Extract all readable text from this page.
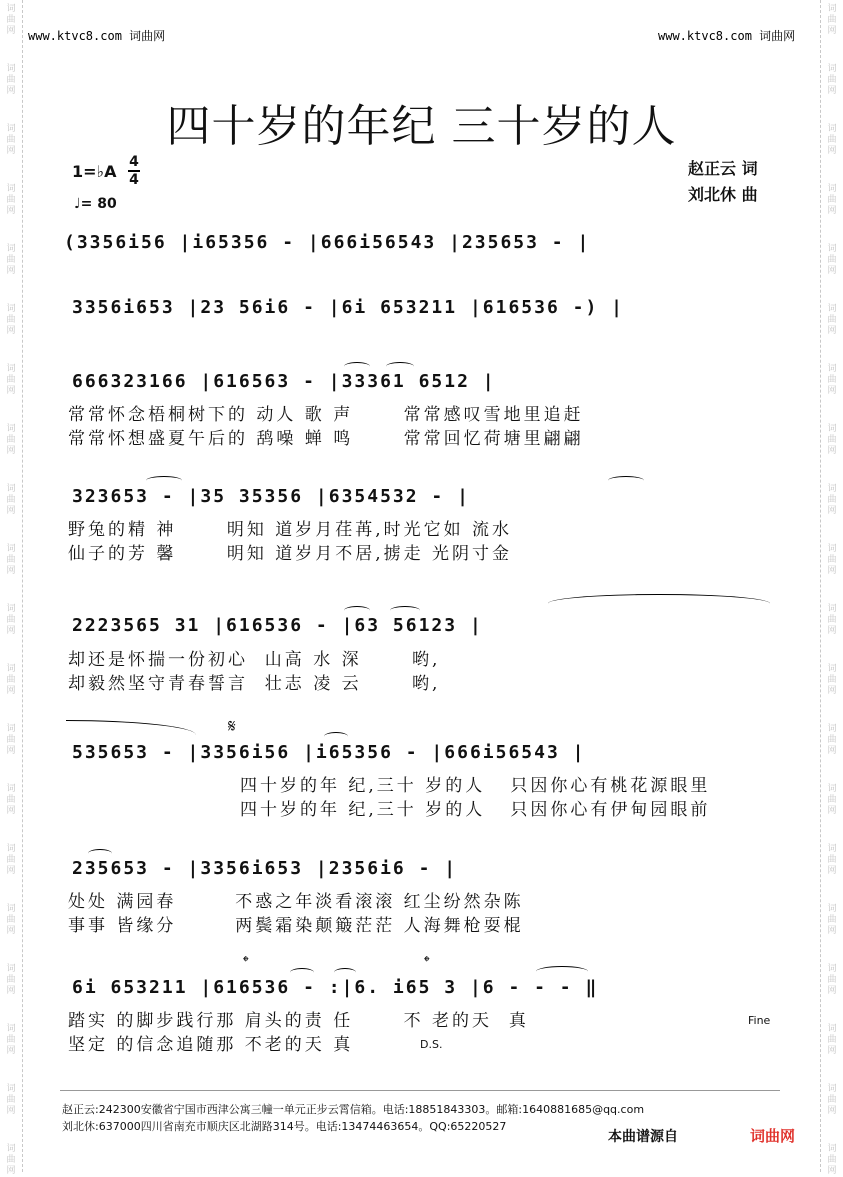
词
曲
网
词
曲
网
词
曲
网
词
曲
网
词
曲
网
词
曲
网
词
曲
网
词
曲
网
词
曲
网
词
曲
网
词
曲
网
词
曲
网
词
曲
网
词
曲
网
词
曲
网
词
曲
网
词
曲
网
词
曲
网
词
曲
网
词
曲
网
词
曲
网
词
曲
网
词
曲
网
词
曲
网
词
曲
网
词
曲
网
词
曲
网
词
曲
网
词
曲
网
词
曲
网
词
曲
网
词
曲
网
词
曲
网
词
曲
网
词
曲
网
词
曲
网
词
曲
网
词
曲
网
词
曲
网
词
曲
网
www.ktvc8.com 词曲网	www.ktvc8.com 词曲网
四十岁的年纪 三十岁的人
1=♭A 4
4
♩= 80
赵正云 词
刘北休 曲
(3356i56 |i65356 - |666i56543 |235653 - |
3356i653 |23 56i6 - |6i 653211 |616536 -) |
666323166 |616563 - |33361 6512 |
常常怀念梧桐树下的 动人 歌 声      常常感叹雪地里追赶
常常怀想盛夏午后的 鸹噪 蝉 鸣      常常回忆荷塘里翩翩
323653 - |35 35356 |6354532 - |
野兔的精 神      明知 道岁月荏苒,时光它如 流水
仙子的芳 馨      明知 道岁月不居,掳走 光阴寸金
2223565 31 |616536 - |63 56123 |
却还是怀揣一份初心  山高 水 深      哟,
却毅然坚守青春誓言  壮志 凌 云      哟,
𝄋
535653 - |3356i56 |i65356 - |666i56543 |
四十岁的年 纪,三十 岁的人   只因你心有桃花源眼里
四十岁的年 纪,三十 岁的人   只因你心有伊甸园眼前
235653 - |3356i653 |2356i6 - |
处处 满园春       不惑之年淡看滚滚 红尘纷然杂陈
事事 皆缘分       两鬓霜染颠簸茫茫 人海舞枪耍棍
𝄌	𝄌
6i 653211 |616536 - :|6. i65 3 |6 - - - ‖
踏实 的脚步践行那 肩头的责 任      不 老的天  真
坚定 的信念追随那 不老的天 真	D.S.
Fine
赵正云:242300安徽省宁国市西津公寓三幢一单元正步云霄信箱。电话:18851843303。邮箱:1640881685@qq.com
刘北休:637000四川省南充市顺庆区北湖路314号。电话:13474463654。QQ:65220527
本曲谱源自	词曲网
